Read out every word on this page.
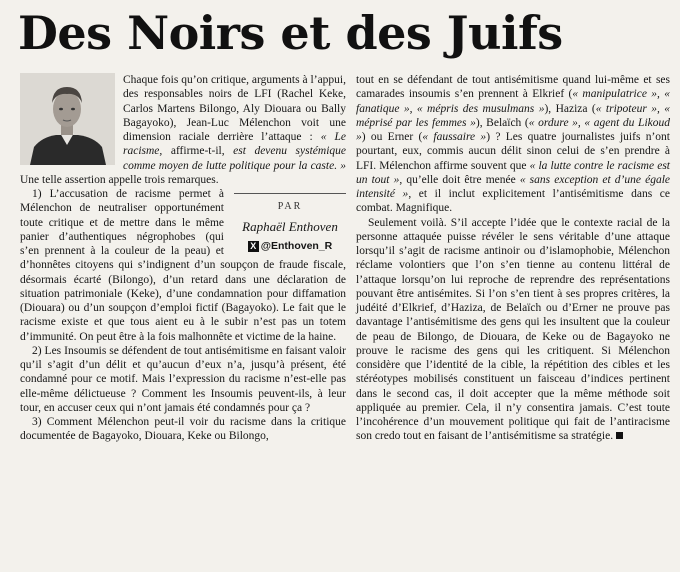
Des Noirs et des Juifs

Chaque fois qu’on critique, arguments à l’appui, des responsables noirs de LFI (Rachel Keke, Carlos Martens Bilongo, Aly Diouara ou Bally Bagayoko), Jean-Luc Mélenchon voit une dimension raciale derrière l’attaque : « Le racisme, affirme-t-il, est devenu systémique comme moyen de lutte politique pour la caste. » Une telle assertion appelle trois remarques.

PAR
Raphaël Enthoven
X @Enthoven_R

1) L’accusation de racisme permet à Mélenchon de neutraliser opportunément toute critique et de mettre dans le même panier d’authentiques négrophobes (qui s’en prennent à la couleur de la peau) et d’honnêtes citoyens qui s’indignent d’un soupçon de fraude fiscale, désormais écarté (Bilongo), d’un retard dans une déclaration de situation patrimoniale (Keke), d’une condamnation pour diffamation (Diouara) ou d’un soupçon d’emploi fictif (Bagayoko). Le fait que le racisme existe et que tous aient eu à le subir n’est pas un totem d’immunité. On peut être à la fois malhonnête et victime de la haine.

2) Les Insoumis se défendent de tout antisémitisme en faisant valoir qu’il s’agit d’un délit et qu’aucun d’eux n’a, jusqu’à présent, été condamné pour ce motif. Mais l’expression du racisme n’est-elle pas elle-même délictueuse ? Comment les Insoumis peuvent-ils, à leur tour, en accuser ceux qui n’ont jamais été condamnés pour ça ?

3) Comment Mélenchon peut-il voir du racisme dans la critique documentée de Bagayoko, Diouara, Keke ou Bilongo,

tout en se défendant de tout antisémitisme quand lui-même et ses camarades insoumis s’en prennent à Elkrief (« manipulatrice », « fanatique », « mépris des musulmans »), Haziza (« tripoteur », « méprisé par les femmes »), Belaïch (« ordure », « agent du Likoud ») ou Erner (« faussaire ») ? Les quatre journalistes juifs n’ont pourtant, eux, commis aucun délit sinon celui de s’en prendre à LFI. Mélenchon affirme souvent que « la lutte contre le racisme est un tout », qu’elle doit être menée « sans exception et d’une égale intensité », et il inclut explicitement l’antisémitisme dans ce combat. Magnifique.

Seulement voilà. S’il accepte l’idée que le contexte racial de la personne attaquée puisse révéler le sens véritable d’une attaque lorsqu’il s’agit de racisme antinoir ou d’islamophobie, Mélenchon réclame volontiers que l’on s’en tienne au contenu littéral de l’attaque lorsqu’on lui reproche de reprendre des représentations pouvant être antisémites. Si l’on s’en tient à ses propres critères, la judéité d’Elkrief, d’Haziza, de Belaïch ou d’Erner ne prouve pas davantage l’antisémitisme des gens qui les insultent que la couleur de peau de Bilongo, de Diouara, de Keke ou de Bagayoko ne prouve le racisme des gens qui les critiquent. Si Mélenchon considère que l’identité de la cible, la répétition des cibles et les stéréotypes mobilisés constituent un faisceau d’indices pertinent dans le second cas, il doit accepter que la même méthode soit appliquée au premier. Cela, il n’y consentira jamais. C’est toute l’incohérence d’un mouvement politique qui fait de l’antiracisme son credo tout en faisant de l’antisémitisme sa stratégie.
